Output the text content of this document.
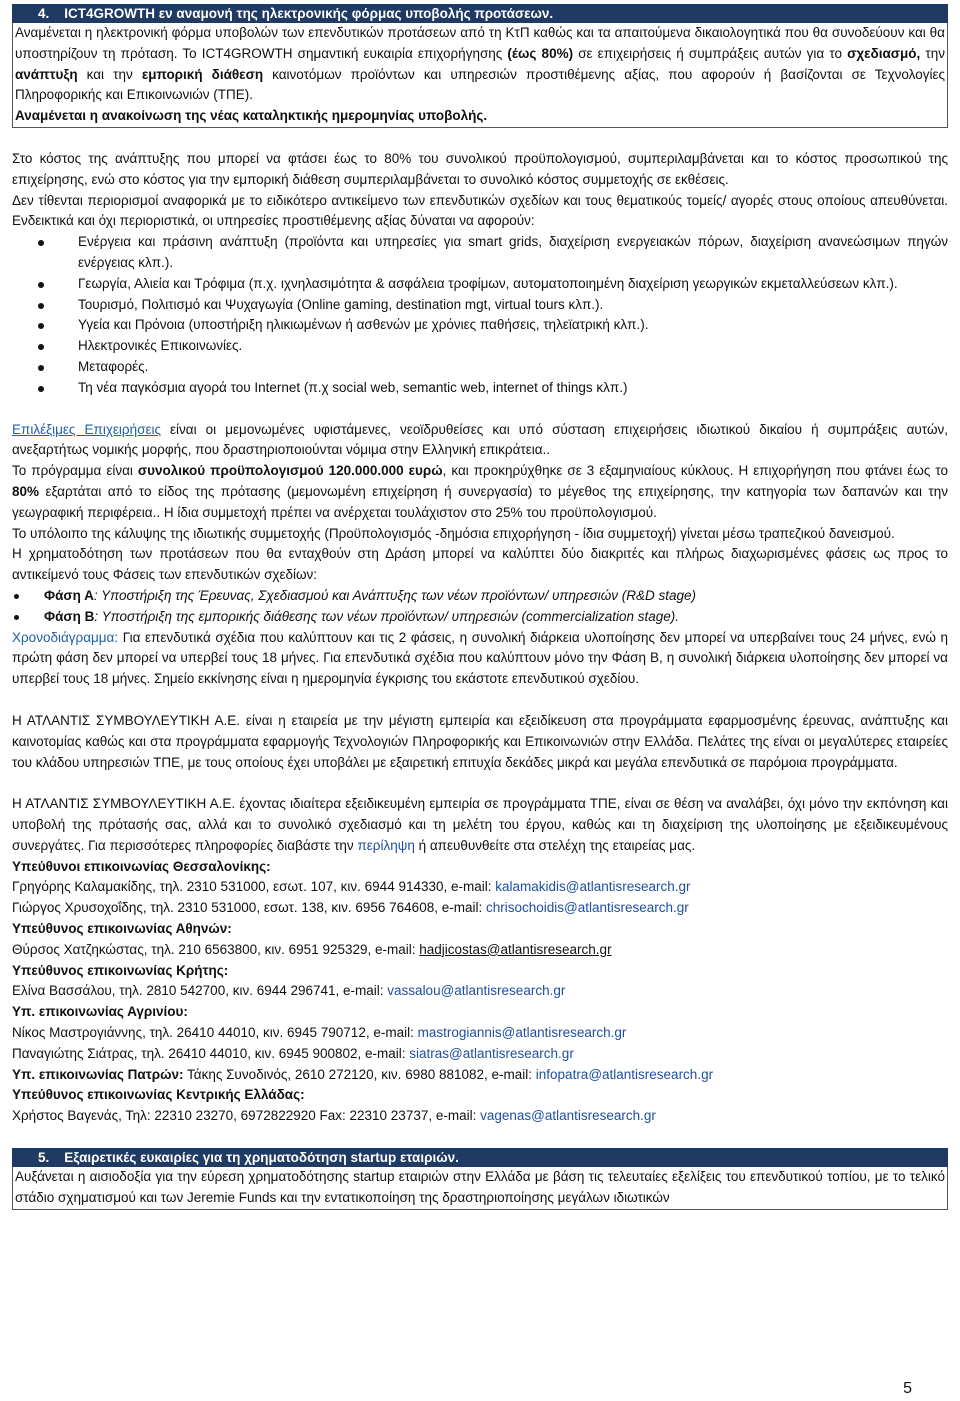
4.    ICT4GROWTH εν αναμονή της ηλεκτρονικής φόρμας υποβολής προτάσεων.

Αναμένεται η ηλεκτρονική φόρμα υποβολών των επενδυτικών προτάσεων από τη ΚτΠ καθώς και τα απαιτούμενα δικαιολογητικά που θα συνοδεύουν και θα υποστηρίζουν τη πρόταση. Το ICT4GROWTH σημαντική ευκαιρία επιχορήγησης (έως 80%) σε επιχειρήσεις ή συμπράξεις αυτών για το σχεδιασμό, την ανάπτυξη και την εμπορική διάθεση καινοτόμων προϊόντων και υπηρεσιών προστιθέμενης αξίας, που αφορούν ή βασίζονται σε Τεχνολογίες Πληροφορικής και Επικοινωνιών (ΤΠΕ).

Αναμένεται η ανακοίνωση της νέας καταληκτικής ημερομηνίας υποβολής.

Στο κόστος της ανάπτυξης που μπορεί να φτάσει έως το 80% του συνολικού προϋπολογισμού, συμπεριλαμβάνεται και το κόστος προσωπικού της επιχείρησης, ενώ στο κόστος για την εμπορική διάθεση συμπεριλαμβάνεται το συνολικό κόστος συμμετοχής σε εκθέσεις.

Δεν τίθενται περιορισμοί αναφορικά με το ειδικότερο αντικείμενο των επενδυτικών σχεδίων και τους θεματικούς τομείς/ αγορές στους οποίους απευθύνεται. Ενδεικτικά και όχι περιοριστικά, οι υπηρεσίες προστιθέμενης αξίας δύναται να αφορούν:

Ενέργεια και πράσινη ανάπτυξη (προϊόντα και υπηρεσίες για smart grids, διαχείριση ενεργειακών πόρων, διαχείριση ανανεώσιμων πηγών ενέργειας κλπ.).
Γεωργία, Αλιεία και Τρόφιμα (π.χ. ιχνηλασιμότητα & ασφάλεια τροφίμων, αυτοματοποιημένη διαχείριση γεωργικών εκμεταλλεύσεων κλπ.).
Τουρισμό, Πολιτισμό και Ψυχαγωγία (Online gaming, destination mgt, virtual tours κλπ.).
Υγεία και Πρόνοια (υποστήριξη ηλικιωμένων ή ασθενών με χρόνιες παθήσεις, τηλεϊατρική κλπ.).
Ηλεκτρονικές Επικοινωνίες.
Μεταφορές.
Τη νέα παγκόσμια αγορά του Internet (π.χ social web, semantic web, internet of things κλπ.)

Επιλέξιμες Επιχειρήσεις είναι οι μεμονωμένες υφιστάμενες, νεοϊδρυθείσες και υπό σύσταση επιχειρήσεις ιδιωτικού δικαίου ή συμπράξεις αυτών, ανεξαρτήτως νομικής μορφής, που δραστηριοποιούνται νόμιμα στην Ελληνική επικράτεια..

Το πρόγραμμα είναι συνολικού προϋπολογισμού 120.000.000 ευρώ, και προκηρύχθηκε σε 3 εξαμηνιαίους κύκλους. Η επιχορήγηση που φτάνει έως το 80% εξαρτάται από το είδος της πρότασης (μεμονωμένη επιχείρηση ή συνεργασία) το μέγεθος της επιχείρησης, την κατηγορία των δαπανών και την γεωγραφική περιφέρεια.. Η ίδια συμμετοχή πρέπει να ανέρχεται τουλάχιστον στο 25% του προϋπολογισμού.

Το υπόλοιπο της κάλυψης της ιδιωτικής συμμετοχής (Προϋπολογισμός -δημόσια επιχορήγηση - ίδια συμμετοχή) γίνεται μέσω τραπεζικού δανεισμού.

Η χρηματοδότηση των προτάσεων που θα ενταχθούν στη Δράση μπορεί να καλύπτει δύο διακριτές και πλήρως διαχωρισμένες φάσεις ως προς το αντικείμενό τους Φάσεις των επενδυτικών σχεδίων:

Φάση Α: Υποστήριξη της Έρευνας, Σχεδιασμού και Ανάπτυξης των νέων προϊόντων/ υπηρεσιών (R&D stage)
Φάση Β: Υποστήριξη της εμπορικής διάθεσης των νέων προϊόντων/ υπηρεσιών (commercialization stage).

Χρονοδιάγραμμα: Για επενδυτικά σχέδια που καλύπτουν και τις 2 φάσεις, η συνολική διάρκεια υλοποίησης δεν μπορεί να υπερβαίνει τους 24 μήνες, ενώ η πρώτη φάση δεν μπορεί να υπερβεί τους 18 μήνες. Για επενδυτικά σχέδια που καλύπτουν μόνο την Φάση Β, η συνολική διάρκεια υλοποίησης δεν μπορεί να υπερβεί τους 18 μήνες. Σημείο εκκίνησης είναι η ημερομηνία έγκρισης του εκάστοτε επενδυτικού σχεδίου.

Η ΑΤΛΑΝΤΙΣ ΣΥΜΒΟΥΛΕΥΤΙΚΗ Α.Ε. είναι η εταιρεία με την μέγιστη εμπειρία και εξειδίκευση στα προγράμματα εφαρμοσμένης έρευνας, ανάπτυξης και καινοτομίας καθώς και στα προγράμματα εφαρμογής Τεχνολογιών Πληροφορικής και Επικοινωνιών στην Ελλάδα. Πελάτες της είναι οι μεγαλύτερες εταιρείες του κλάδου υπηρεσιών ΤΠΕ, με τους οποίους έχει υποβάλει με εξαιρετική επιτυχία δεκάδες μικρά και μεγάλα επενδυτικά σε παρόμοια προγράμματα.

Η ΑΤΛΑΝΤΙΣ ΣΥΜΒΟΥΛΕΥΤΙΚΗ Α.Ε. έχοντας ιδιαίτερα εξειδικευμένη εμπειρία σε προγράμματα ΤΠΕ, είναι σε θέση να αναλάβει, όχι μόνο την εκπόνηση και υποβολή της πρότασής σας, αλλά και το συνολικό σχεδιασμό και τη μελέτη του έργου, καθώς και τη διαχείριση της υλοποίησης με εξειδικευμένους συνεργάτες. Για περισσότερες πληροφορίες διαβάστε την περίληψη ή απευθυνθείτε στα στελέχη της εταιρείας μας.

Υπεύθυνοι επικοινωνίας Θεσσαλονίκης:
Γρηγόρης Καλαμακίδης, τηλ. 2310 531000, εσωτ. 107, κιν. 6944 914330, e-mail: kalamakidis@atlantisresearch.gr
Γιώργος Χρυσοχοΐδης, τηλ. 2310 531000, εσωτ. 138, κιν. 6956 764608, e-mail: chrisochoidis@atlantisresearch.gr
Υπεύθυνος επικοινωνίας Αθηνών:
Θύρσος Χατζηκώστας, τηλ. 210 6563800, κιν. 6951 925329, e-mail: hadjicostas@atlantisresearch.gr
Υπεύθυνος επικοινωνίας Κρήτης:
Ελίνα Βασσάλου, τηλ. 2810 542700, κιν. 6944 296741, e-mail: vassalou@atlantisresearch.gr
Υπ. επικοινωνίας Αγρινίου:
Νίκος Μαστρογιάννης, τηλ. 26410 44010, κιν. 6945 790712, e-mail: mastrogiannis@atlantisresearch.gr
Παναγιώτης Σιάτρας, τηλ. 26410 44010, κιν. 6945 900802, e-mail: siatras@atlantisresearch.gr
Υπ. επικοινωνίας Πατρών: Τάκης Συνοδινός, 2610 272120, κιν. 6980 881082, e-mail: infopatra@atlantisresearch.gr
Υπεύθυνος επικοινωνίας Κεντρικής Ελλάδας:
Χρήστος Βαγενάς, Τηλ: 22310 23270, 6972822920 Fax: 22310 23737, e-mail: vagenas@atlantisresearch.gr
5.    Εξαιρετικές ευκαιρίες για τη χρηματοδότηση startup εταιριών.

Αυξάνεται η αισιοδοξία για την εύρεση χρηματοδότησης startup εταιριών στην Ελλάδα με βάση τις τελευταίες εξελίξεις του επενδυτικού τοπίου, με το τελικό στάδιο σχηματισμού και των Jeremie Funds και την εντατικοποίηση της δραστηριοποίησης μεγάλων ιδιωτικών

5
